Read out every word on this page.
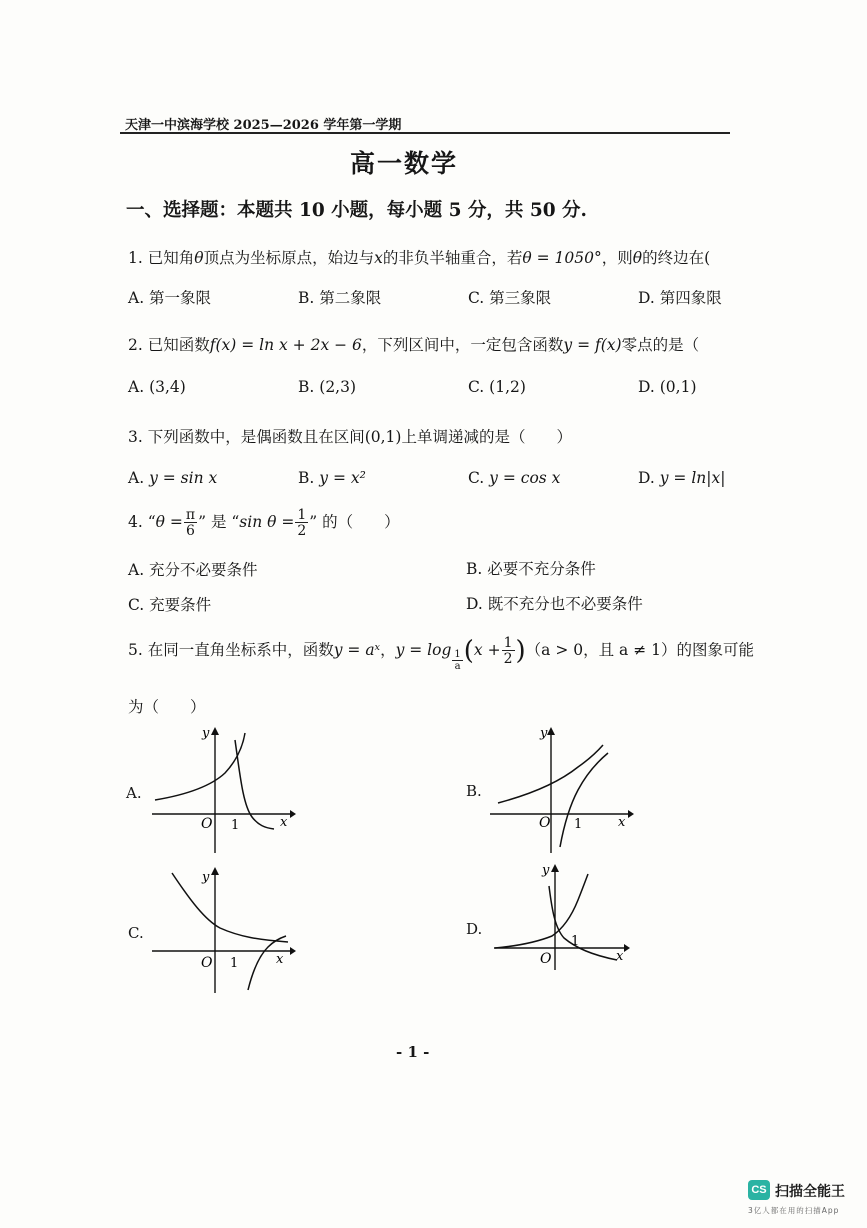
天津一中滨海学校 2025—2026 学年第一学期
高一数学
一、选择题：本题共 10 小题，每小题 5 分，共 50 分.
1. 已知角θ顶点为坐标原点，始边与x的非负半轴重合，若θ = 1050°，则θ的终边在(
A. 第一象限	B. 第二象限	C. 第三象限	D. 第四象限
2. 已知函数f(x) = ln x + 2x − 6，下列区间中，一定包含函数y = f(x)零点的是（
A. (3,4)	B. (2,3)	C. (1,2)	D. (0,1)
3. 下列函数中，是偶函数且在区间(0,1)上单调递减的是（　　）
A. y = sin x	B. y = x²	C. y = cos x	D. y = ln|x|
4. “$\theta = \frac{\pi}{6}$ ” 是 “sin $\theta = \frac{1}{2}$ ” 的（　　）
A. 充分不必要条件	B. 必要不充分条件
C. 充要条件	D. 既不充分也不必要条件
5. 在同一直角坐标系中，函数y = aˣ，$y = \log \frac{1}{a} (x + \frac{1}{2} )(a > 0$，且 a ≠ 1）的图象可能
为（　　）
A.	B.
C.	D.
y
x
O 1
y
x
O 1
y
x
O 1
y
x
O
1
- 1 -
CS 扫描全能王
3亿人都在用的扫描App
